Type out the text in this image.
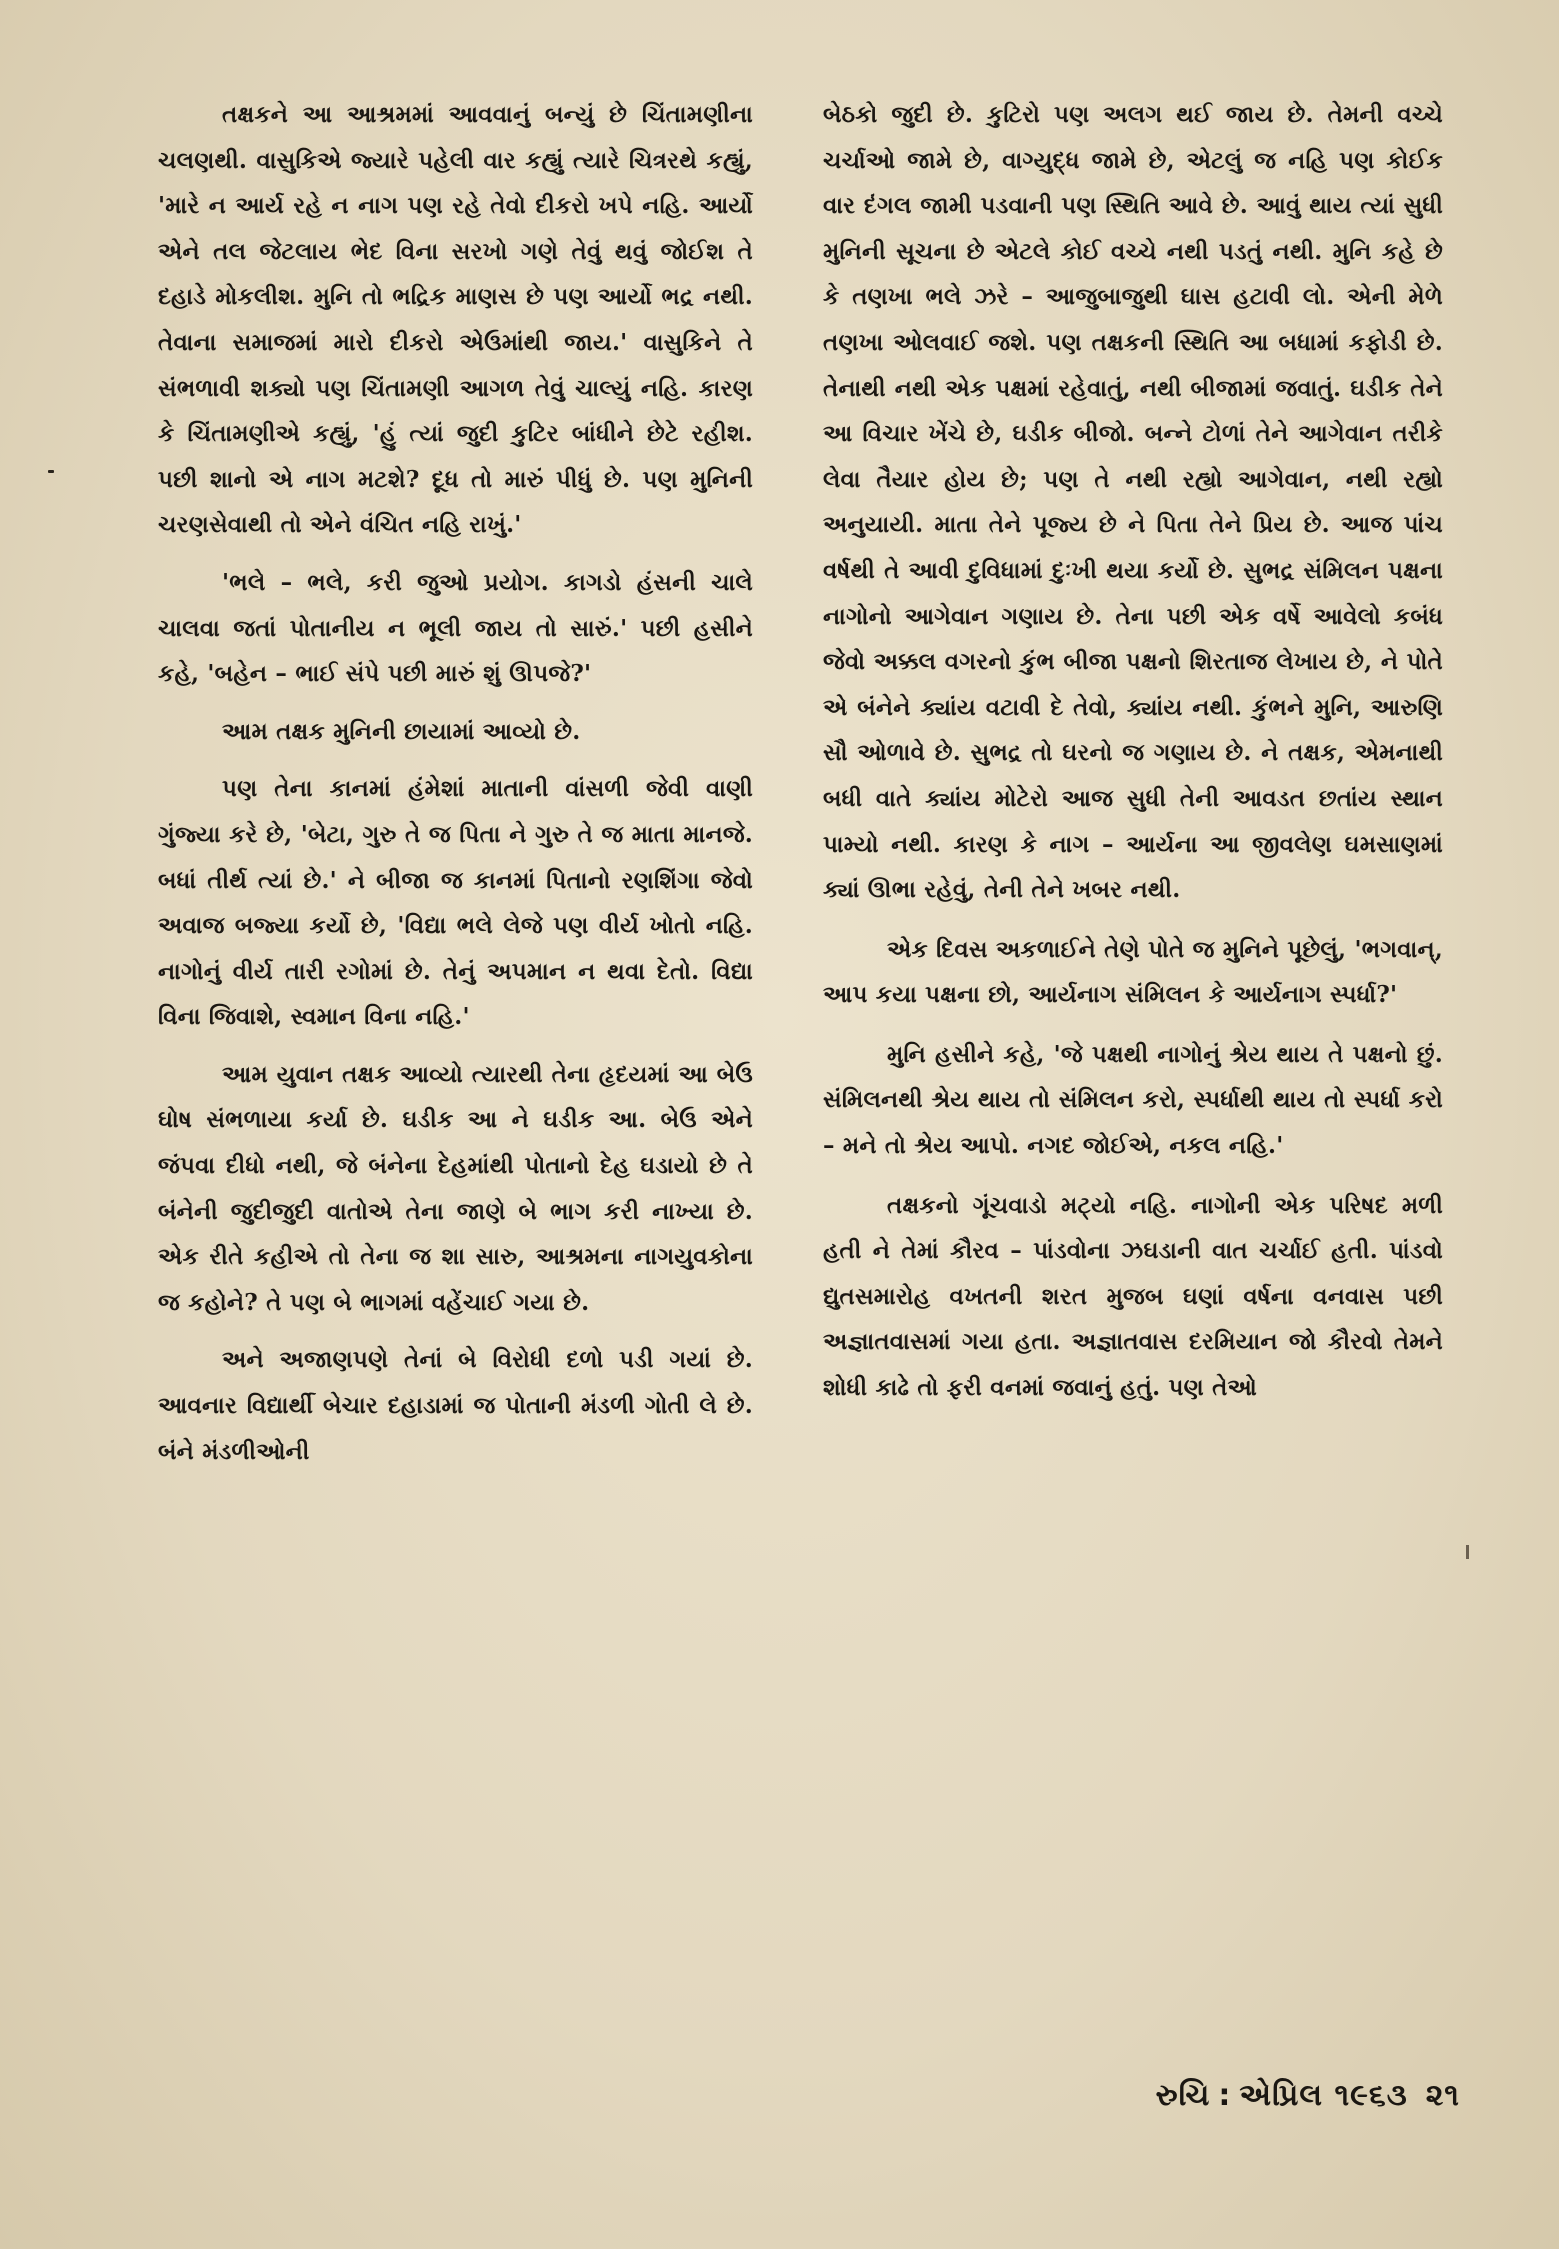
તક્ષકને આ આશ્રમમાં આવવાનું બન્યું છે ચિંતામણીના ચલણથી. વાસુકિએ જ્યારે પહેલી વાર કહ્યું ત્યારે ચિત્રરથે કહ્યું, 'મારે ન આર્ય રહે ન નાગ પણ રહે તેવો દીકરો ખપે નહિ. આર્યો એને તલ જેટલાય ભેદ વિના સરખો ગણે તેવું થવું જોઈશ તે દહાડે મોકલીશ. મુનિ તો ભદ્રિક માણસ છે પણ આર્યો ભદ્ર નથી. તેવાના સમાજમાં મારો દીકરો એઉમાંથી જાય.' વાસુકિને તે સંભળાવી શક્યો પણ ચિંતામણી આગળ તેવું ચાલ્યું નહિ. કારણ કે ચિંતામણીએ કહ્યું, 'હું ત્યાં જુદી કુટિર બાંધીને છેટે રહીશ. પછી શાનો એ નાગ મટશે? દૂધ તો મારું પીધું છે. પણ મુનિની ચરણસેવાથી તો એને વંચિત નહિ રાખું.'

'ભલે – ભલે, કરી જુઓ પ્રયોગ. કાગડો હંસની ચાલે ચાલવા જતાં પોતાનીય ન ભૂલી જાય તો સારું.' પછી હસીને કહે, 'બહેન – ભાઈ સંપે પછી મારું શું ઊપજે?'

આમ તક્ષક મુનિની છાયામાં આવ્યો છે.

પણ તેના કાનમાં હંમેશાં માતાની વાંસળી જેવી વાણી ગુંજ્યા કરે છે, 'બેટા, ગુરુ તે જ પિતા ને ગુરુ તે જ માતા માનજે. બધાં તીર્થ ત્યાં છે.' ને બીજા જ કાનમાં પિતાનો રણશિંગા જેવો અવાજ બજ્યા કર્યો છે, 'વિદ્યા ભલે લેજે પણ વીર્ય ખોતો નહિ. નાગોનું વીર્ય તારી રગોમાં છે. તેનું અપમાન ન થવા દેતો. વિદ્યા વિના જિવાશે, સ્વમાન વિના નહિ.'

આમ યુવાન તક્ષક આવ્યો ત્યારથી તેના હૃદયમાં આ બેઉ ઘોષ સંભળાયા કર્યા છે. ઘડીક આ ને ઘડીક આ. બેઉ એને જંપવા દીધો નથી, જે બંનેના દેહમાંથી પોતાનો દેહ ઘડાયો છે તે બંનેની જુદીજુદી વાતોએ તેના જાણે બે ભાગ કરી નાખ્યા છે. એક રીતે કહીએ તો તેના જ શા સારુ, આશ્રમના નાગયુવકોના જ કહોને? તે પણ બે ભાગમાં વહેંચાઈ ગયા છે.

અને અજાણપણે તેનાં બે વિરોધી દળો પડી ગયાં છે. આવનાર વિદ્યાર્થી બેચાર દહાડામાં જ પોતાની મંડળી ગોતી લે છે. બંને મંડળીઓની

બેઠકો જુદી છે. કુટિરો પણ અલગ થઈ જાય છે. તેમની વચ્ચે ચર્ચાઓ જામે છે, વાગ્યુદ્ધ જામે છે, એટલું જ નહિ પણ કોઈક વાર દંગલ જામી પડવાની પણ સ્થિતિ આવે છે. આવું થાય ત્યાં સુધી મુનિની સૂચના છે એટલે કોઈ વચ્ચે નથી પડતું નથી. મુનિ કહે છે કે તણખા ભલે ઝરે – આજુબાજુથી ઘાસ હટાવી લો. એની મેળે તણખા ઓલવાઈ જશે. પણ તક્ષકની સ્થિતિ આ બધામાં કફોડી છે. તેનાથી નથી એક પક્ષમાં રહેવાતું, નથી બીજામાં જવાતું. ઘડીક તેને આ વિચાર ખેંચે છે, ઘડીક બીજો. બન્ને ટોળાં તેને આગેવાન તરીકે લેવા તૈયાર હોય છે; પણ તે નથી રહ્યો આગેવાન, નથી રહ્યો અનુયાયી. માતા તેને પૂજ્ય છે ને પિતા તેને પ્રિય છે. આજ પાંચ વર્ષથી તે આવી દુવિધામાં દુઃખી થયા કર્યો છે. સુભદ્ર સંમિલન પક્ષના નાગોનો આગેવાન ગણાય છે. તેના પછી એક વર્ષે આવેલો કબંધ જેવો અક્કલ વગરનો કુંભ બીજા પક્ષનો શિરતાજ લેખાય છે, ને પોતે એ બંનેને ક્યાંય વટાવી દે તેવો, ક્યાંય નથી. કુંભને મુનિ, આરુણિ સૌ ઓળાવે છે. સુભદ્ર તો ઘરનો જ ગણાય છે. ને તક્ષક, એમનાથી બધી વાતે ક્યાંય મોટેરો આજ સુધી તેની આવડત છતાંય સ્થાન પામ્યો નથી. કારણ કે નાગ – આર્યના આ જીવલેણ ઘમસાણમાં ક્યાં ઊભા રહેવું, તેની તેને ખબર નથી.

એક દિવસ અકળાઈને તેણે પોતે જ મુનિને પૂછેલું, 'ભગવાન્, આપ કયા પક્ષના છો, આર્યનાગ સંમિલન કે આર્યનાગ સ્પર્ધા?'

મુનિ હસીને કહે, 'જે પક્ષથી નાગોનું શ્રેય થાય તે પક્ષનો છું. સંમિલનથી શ્રેય થાય તો સંમિલન કરો, સ્પર્ધાથી થાય તો સ્પર્ધા કરો – મને તો શ્રેય આપો. નગદ જોઈએ, નકલ નહિ.'

તક્ષકનો ગૂંચવાડો મટ્યો નહિ. નાગોની એક પરિષદ મળી હતી ને તેમાં કૌરવ – પાંડવોના ઝઘડાની વાત ચર્ચાઈ હતી. પાંડવો દ્યુતસમારોહ વખતની શરત મુજબ ઘણાં વર્ષના વનવાસ પછી અજ્ઞાતવાસમાં ગયા હતા. અજ્ઞાતવાસ દરમિયાન જો કૌરવો તેમને શોધી કાઢે તો ફરી વનમાં જવાનું હતું. પણ તેઓ

રુચિ : એપ્રિલ ૧૯૬૩ ૨૧
